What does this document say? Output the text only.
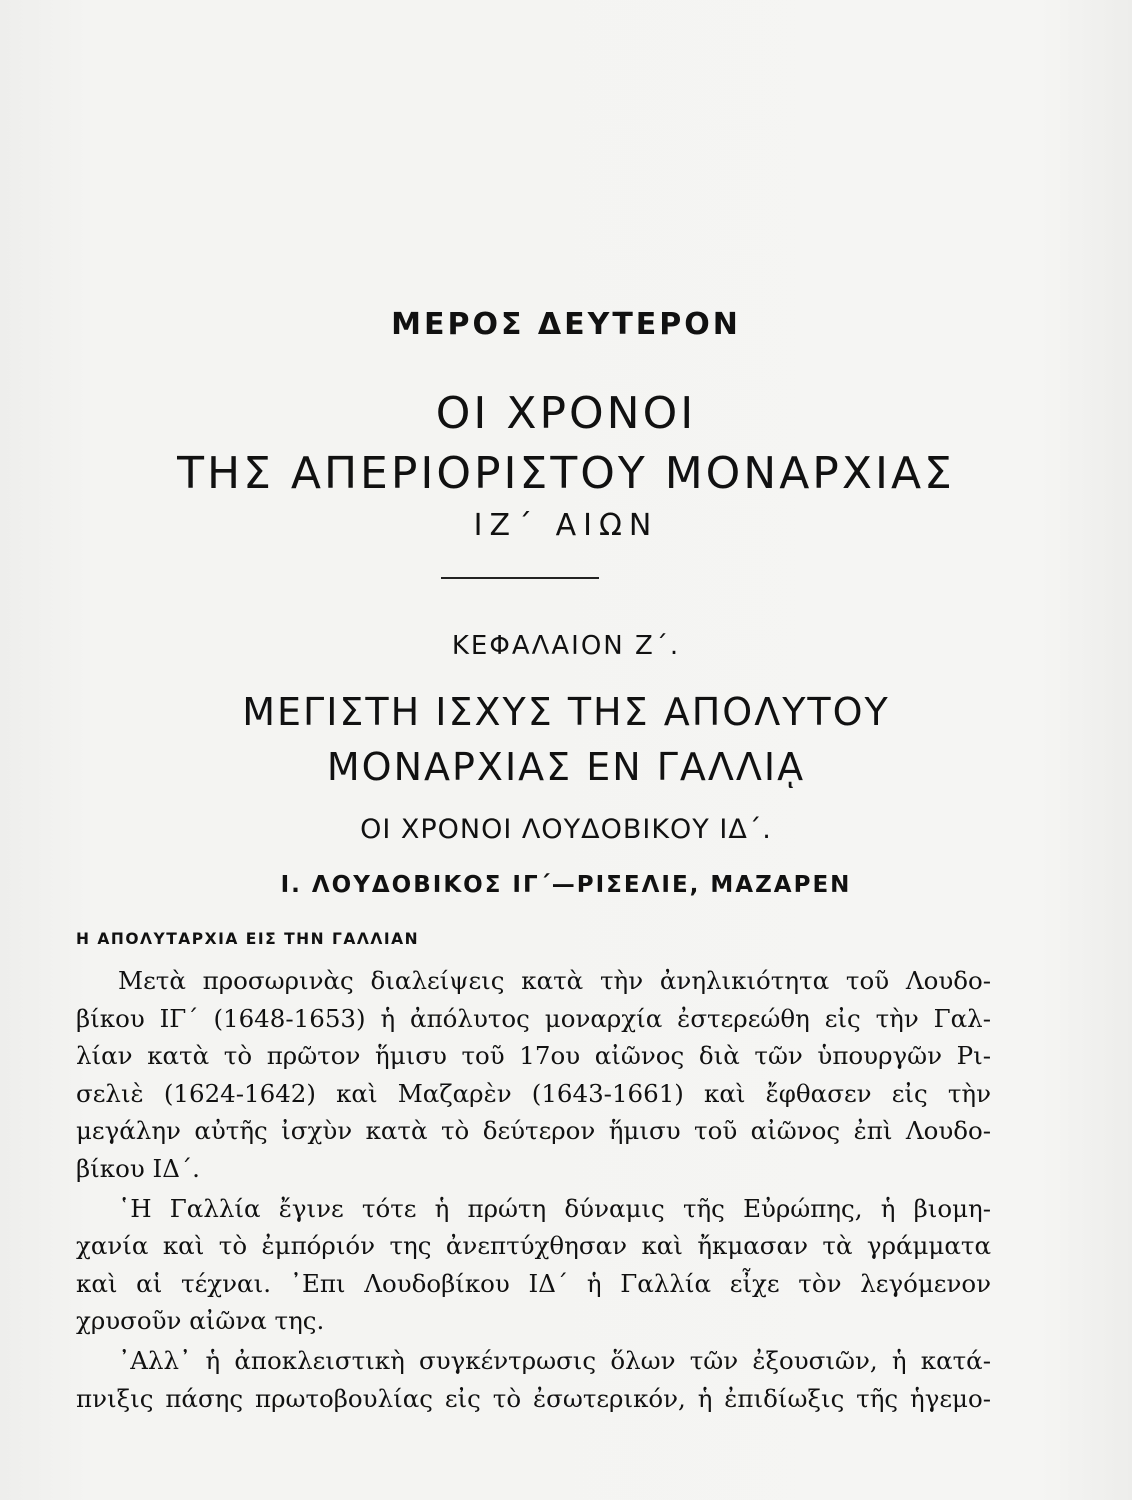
ΜΕΡΟΣ ΔΕΥΤΕΡΟΝ
ΟΙ ΧΡΟΝΟΙ
ΤΗΣ ΑΠΕΡΙΟΡΙΣΤΟΥ ΜΟΝΑΡΧΙΑΣ
ΙΖ΄ ΑΙΩΝ
ΚΕΦΑΛΑΙΟΝ Ζ΄.
ΜΕΓΙΣΤΗ ΙΣΧΥΣ ΤΗΣ ΑΠΟΛΥΤΟΥ
ΜΟΝΑΡΧΙΑΣ ΕΝ ΓΑΛΛΙᾼ
ΟΙ ΧΡΟΝΟΙ ΛΟΥΔΟΒΙΚΟΥ ΙΔ΄.
Ι. ΛΟΥΔΟΒΙΚΟΣ ΙΓ΄—ΡΙΣΕΛΙΕ, ΜΑΖΑΡΕΝ
Η ΑΠΟΛΥΤΑΡΧΙΑ ΕΙΣ ΤΗΝ ΓΑΛΛΙΑΝ
Μετὰ προσωρινὰς διαλείψεις κατὰ τὴν ἀνηλικιότητα τοῦ Λουδο-
βίκου ΙΓ΄ (1648-1653) ἡ ἀπόλυτος μοναρχία ἐστερεώθη εἰς τὴν Γαλ-
λίαν κατὰ τὸ πρῶτον ἥμισυ τοῦ 17ου αἰῶνος διὰ τῶν ὑπουργῶν Ρι-
σελιὲ (1624-1642) καὶ Μαζαρὲν (1643-1661) καὶ ἔφθασεν εἰς τὴν
μεγάλην αὐτῆς ἰσχὺν κατὰ τὸ δεύτερον ἥμισυ τοῦ αἰῶνος ἐπὶ Λουδο-
βίκου ΙΔ΄.
῾Η Γαλλία ἔγινε τότε ἡ πρώτη δύναμις τῆς Εὐρώπης, ἡ βιομη-
χανία καὶ τὸ ἐμπόριόν της ἀνεπτύχθησαν καὶ ἤκμασαν τὰ γράμματα
καὶ αἱ τέχναι. ᾿Επι Λουδοβίκου ΙΔ΄ ἡ Γαλλία εἶχε τὸν λεγόμενον
χρυσοῦν αἰῶνα της.
᾿Αλλ᾿ ἡ ἀποκλειστικὴ συγκέντρωσις ὅλων τῶν ἐξουσιῶν, ἡ κατά-
πνιξις πάσης πρωτοβουλίας εἰς τὸ ἐσωτερικόν, ἡ ἐπιδίωξις τῆς ἡγεμο-
